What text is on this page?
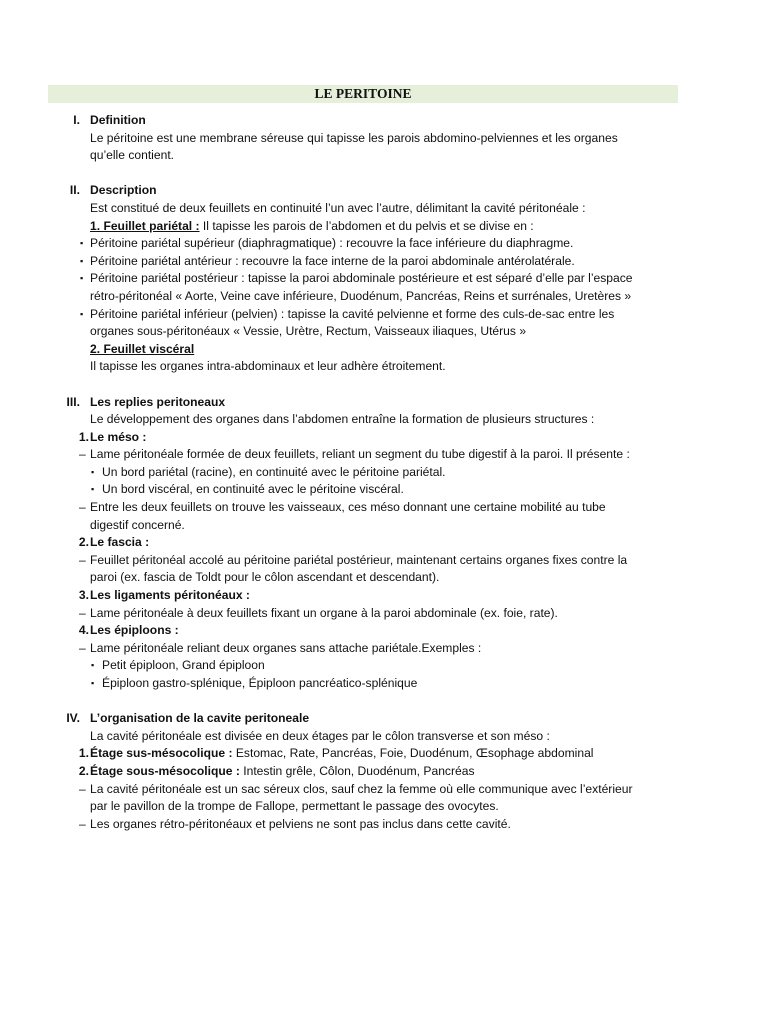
LE PERITOINE
I. Definition
Le péritoine est une membrane séreuse qui tapisse les parois abdomino-pelviennes et les organes
qu’elle contient.
II. Description
Est constitué de deux feuillets en continuité l’un avec l’autre, délimitant la cavité péritonéale :
1. Feuillet pariétal : Il tapisse les parois de l’abdomen et du pelvis et se divise en :
▪ Péritoine pariétal supérieur (diaphragmatique) : recouvre la face inférieure du diaphragme.
▪ Péritoine pariétal antérieur : recouvre la face interne de la paroi abdominale antérolatérale.
▪ Péritoine pariétal postérieur : tapisse la paroi abdominale postérieure et est séparé d’elle par l’espace
rétro-péritonéal « Aorte, Veine cave inférieure, Duodénum, Pancréas, Reins et surrénales, Uretères »
▪ Péritoine pariétal inférieur (pelvien) : tapisse la cavité pelvienne et forme des culs-de-sac entre les
organes sous-péritonéaux « Vessie, Urètre, Rectum, Vaisseaux iliaques, Utérus »
2. Feuillet viscéral
Il tapisse les organes intra-abdominaux et leur adhère étroitement.
III. Les replies peritoneaux
Le développement des organes dans l’abdomen entraîne la formation de plusieurs structures :
1. Le méso :
– Lame péritonéale formée de deux feuillets, reliant un segment du tube digestif à la paroi. Il présente :
▪ Un bord pariétal (racine), en continuité avec le péritoine pariétal.
▪ Un bord viscéral, en continuité avec le péritoine viscéral.
– Entre les deux feuillets on trouve les vaisseaux, ces méso donnant une certaine mobilité au tube
digestif concerné.
2. Le fascia :
– Feuillet péritonéal accolé au péritoine pariétal postérieur, maintenant certains organes fixes contre la
paroi (ex. fascia de Toldt pour le côlon ascendant et descendant).
3. Les ligaments péritonéaux :
– Lame péritonéale à deux feuillets fixant un organe à la paroi abdominale (ex. foie, rate).
4. Les épiploons :
– Lame péritonéale reliant deux organes sans attache pariétale.Exemples :
▪ Petit épiploon, Grand épiploon
▪ Épiploon gastro-splénique, Épiploon pancréatico-splénique
IV. L’organisation de la cavite peritoneale
La cavité péritonéale est divisée en deux étages par le côlon transverse et son méso :
1. Étage sus-mésocolique : Estomac, Rate, Pancréas, Foie, Duodénum, Œsophage abdominal
2. Étage sous-mésocolique : Intestin grêle, Côlon, Duodénum, Pancréas
– La cavité péritonéale est un sac séreux clos, sauf chez la femme où elle communique avec l’extérieur
par le pavillon de la trompe de Fallope, permettant le passage des ovocytes.
– Les organes rétro-péritonéaux et pelviens ne sont pas inclus dans cette cavité.
